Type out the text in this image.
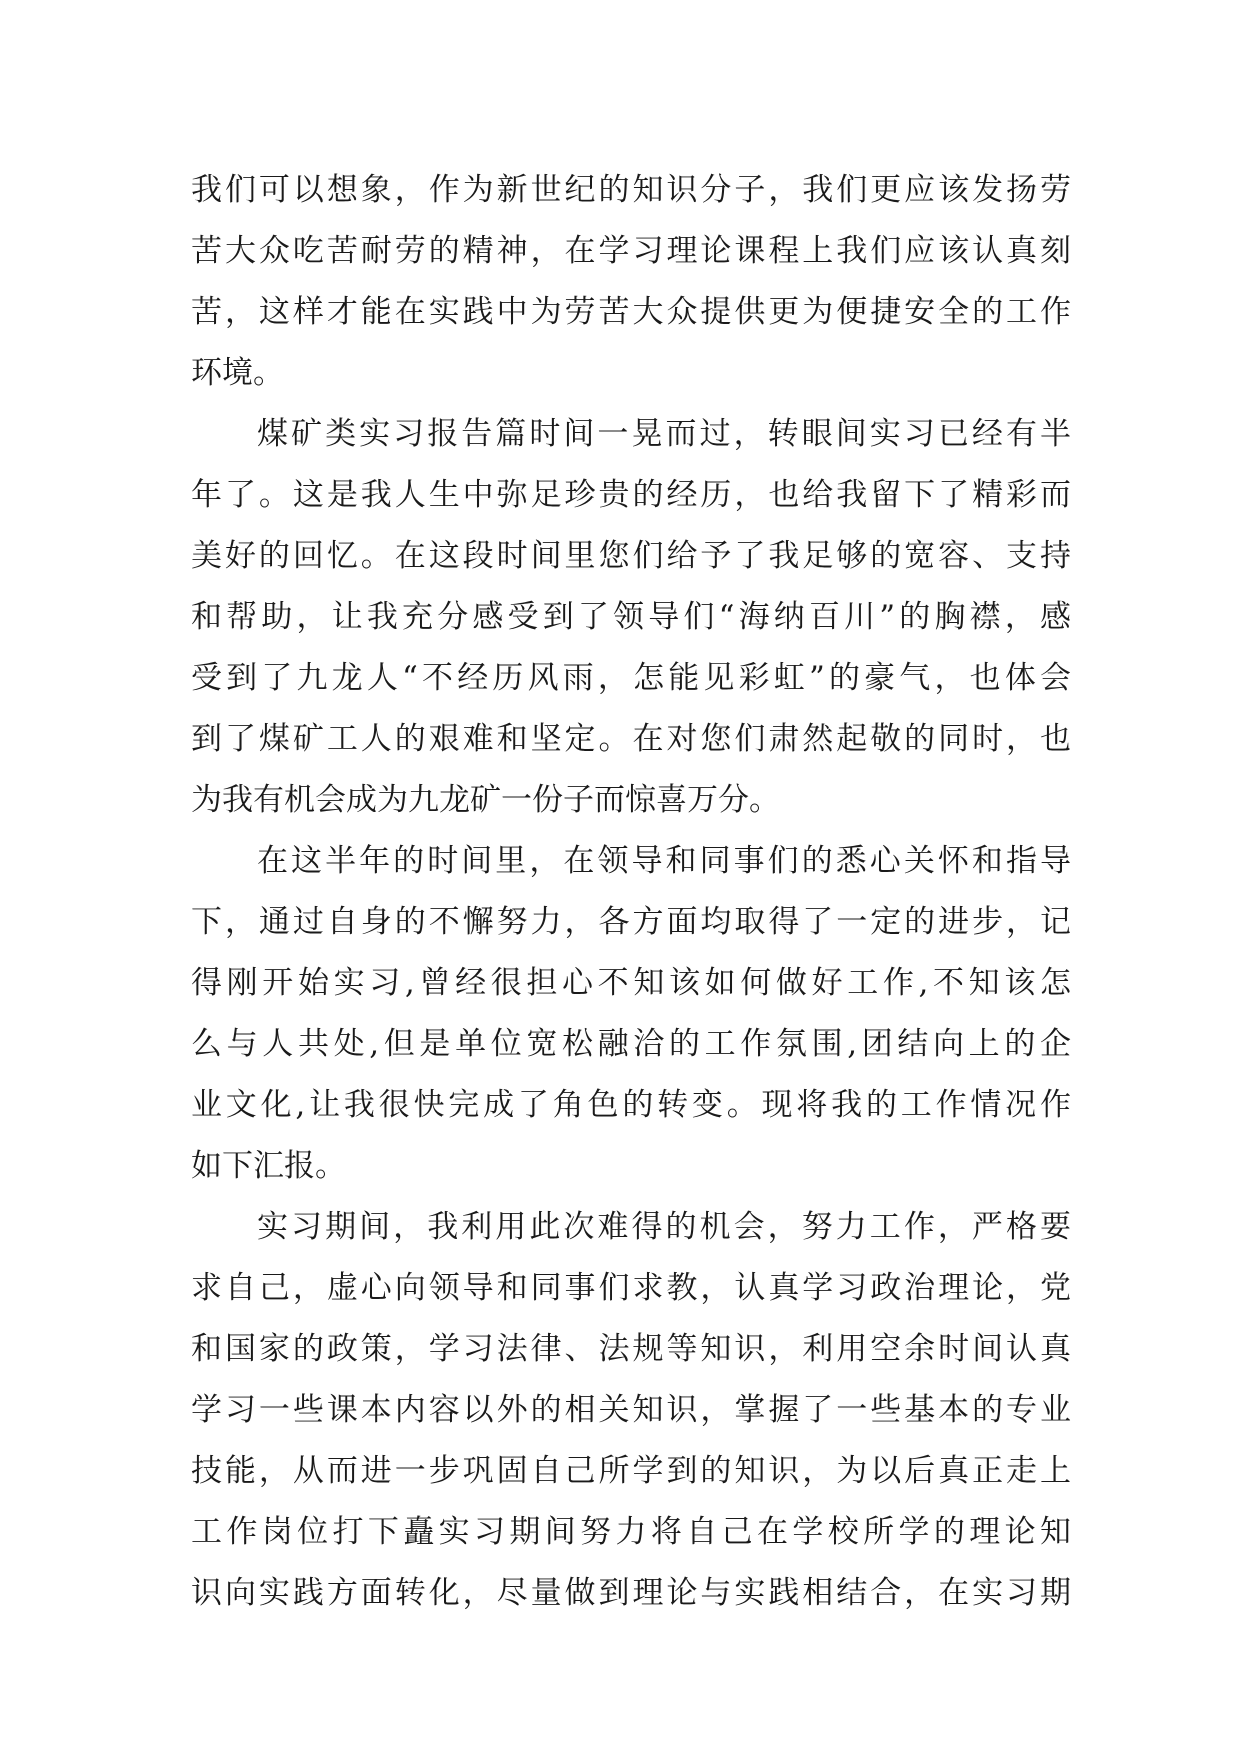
我们可以想象，作为新世纪的知识分子，我们更应该发扬劳
苦大众吃苦耐劳的精神，在学习理论课程上我们应该认真刻
苦，这样才能在实践中为劳苦大众提供更为便捷安全的工作
环境。
煤矿类实习报告篇时间一晃而过，转眼间实习已经有半
年了。这是我人生中弥足珍贵的经历，也给我留下了精彩而
美好的回忆。在这段时间里您们给予了我足够的宽容、支持
和帮助，让我充分感受到了领导们“海纳百川”的胸襟，感
受到了九龙人“不经历风雨，怎能见彩虹”的豪气，也体会
到了煤矿工人的艰难和坚定。在对您们肃然起敬的同时，也
为我有机会成为九龙矿一份子而惊喜万分。
在这半年的时间里，在领导和同事们的悉心关怀和指导
下，通过自身的不懈努力，各方面均取得了一定的进步，记
得刚开始实习,曾经很担心不知该如何做好工作,不知该怎
么与人共处,但是单位宽松融洽的工作氛围,团结向上的企
业文化,让我很快完成了角色的转变。现将我的工作情况作
如下汇报。
实习期间，我利用此次难得的机会，努力工作，严格要
求自己，虚心向领导和同事们求教，认真学习政治理论，党
和国家的政策，学习法律、法规等知识，利用空余时间认真
学习一些课本内容以外的相关知识，掌握了一些基本的专业
技能，从而进一步巩固自己所学到的知识，为以后真正走上
工作岗位打下矗实习期间努力将自己在学校所学的理论知
识向实践方面转化，尽量做到理论与实践相结合，在实习期
